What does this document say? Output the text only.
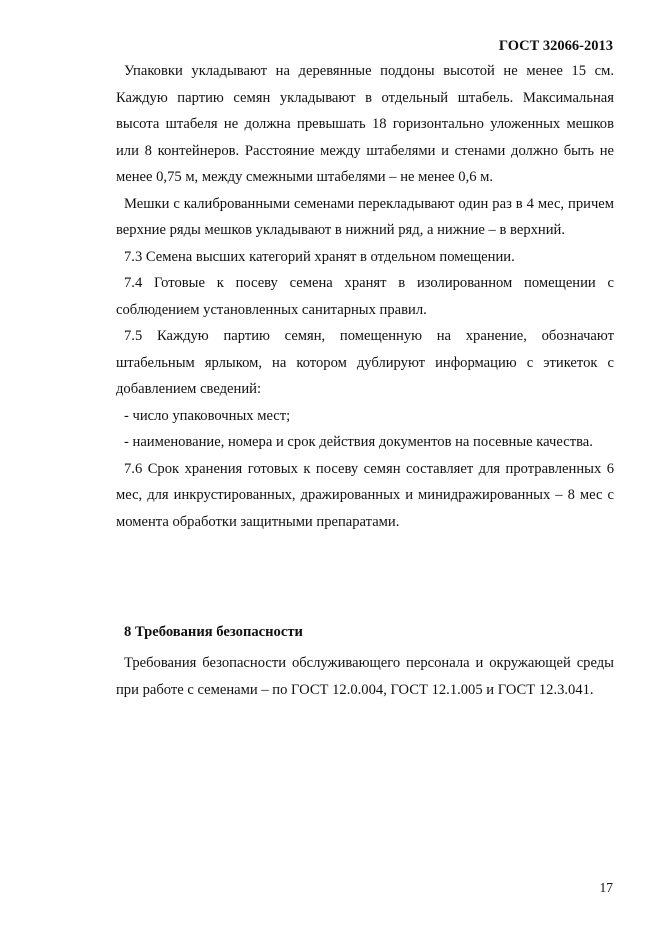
ГОСТ 32066-2013

Упаковки укладывают на деревянные поддоны высотой не менее 15 см. Каждую партию семян укладывают в отдельный штабель. Максимальная высота штабеля не должна превышать 18 горизонтально уложенных мешков или 8 контейнеров. Расстояние между штабелями и стенами должно быть не менее 0,75 м, между смежными штабелями – не менее 0,6 м.

Мешки с калиброванными семенами перекладывают один раз в 4 мес, причем верхние ряды мешков укладывают в нижний ряд, а нижние – в верхний.

7.3 Семена высших категорий хранят в отдельном помещении.

7.4 Готовые к посеву семена хранят в изолированном помещении с соблюдением установленных санитарных правил.

7.5 Каждую партию семян, помещенную на хранение, обозначают штабельным ярлыком, на котором дублируют информацию с этикеток с добавлением сведений:

- число упаковочных мест;

- наименование, номера и срок действия документов на посевные качества.

7.6 Срок хранения готовых к посеву семян составляет для протравленных 6 мес, для инкрустированных, дражированных и минидражированных – 8 мес с момента обработки защитными препаратами.

8 Требования безопасности

Требования безопасности обслуживающего персонала и окружающей среды при работе с семенами – по ГОСТ 12.0.004, ГОСТ 12.1.005 и ГОСТ 12.3.041.

17
